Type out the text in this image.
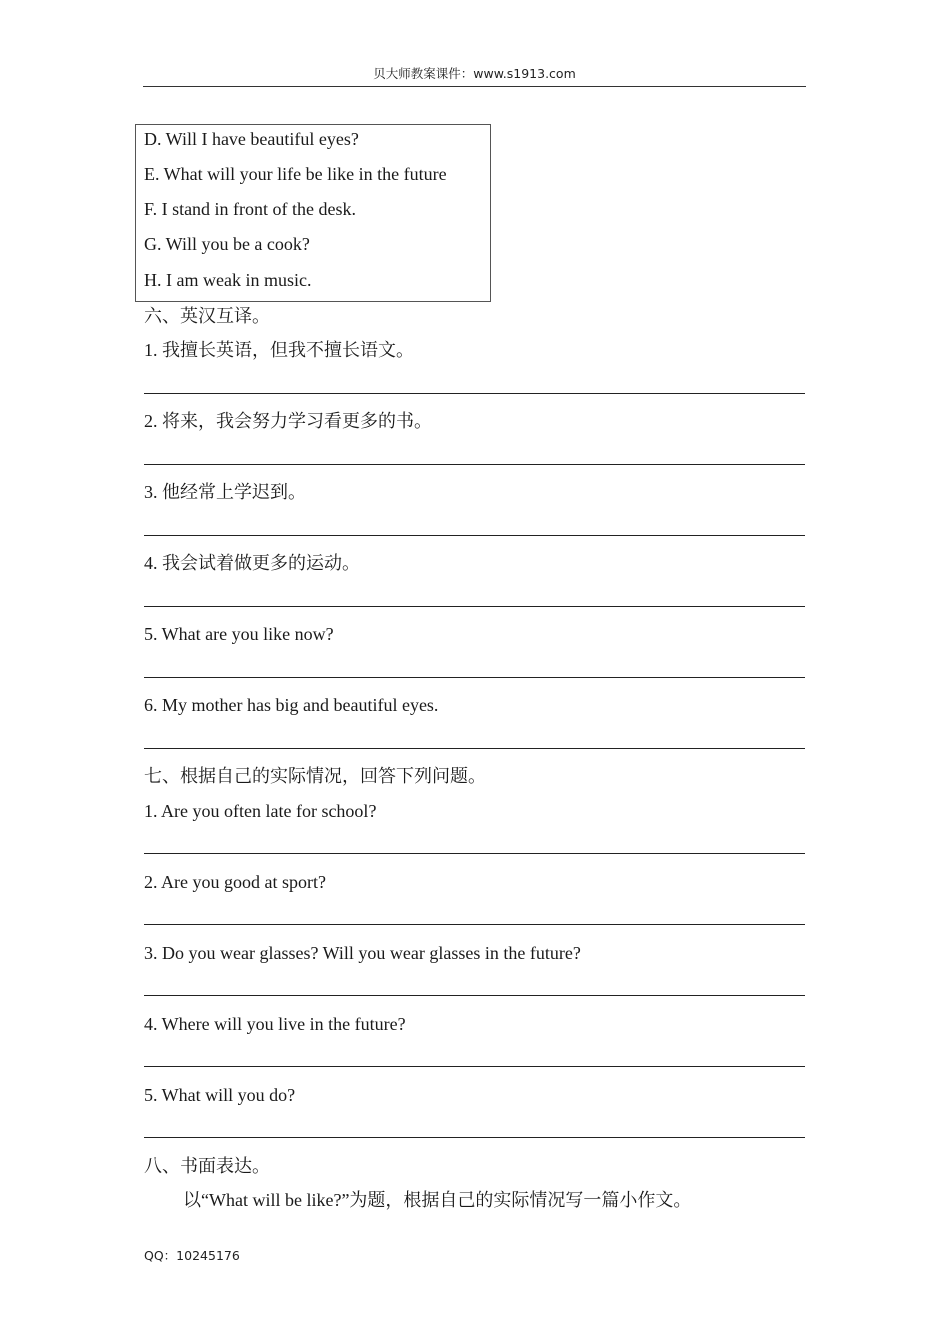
贝大师教案课件：www.s1913.com
D. Will I have beautiful eyes?
E. What will your life be like in the future
F. I stand in front of the desk.
G. Will you be a cook?
H. I am weak in music.
六、英汉互译。
1. 我擅长英语，但我不擅长语文。
2. 将来，我会努力学习看更多的书。
3. 他经常上学迟到。
4. 我会试着做更多的运动。
5. What are you like now?
6. My mother has big and beautiful eyes.
七、根据自己的实际情况，回答下列问题。
1. Are you often late for school?
2. Are you good at sport?
3. Do you wear glasses? Will you wear glasses in the future?
4. Where will you live in the future?
5. What will you do?
八、书面表达。
以“What will be like?”为题，根据自己的实际情况写一篇小作文。
QQ：10245176
